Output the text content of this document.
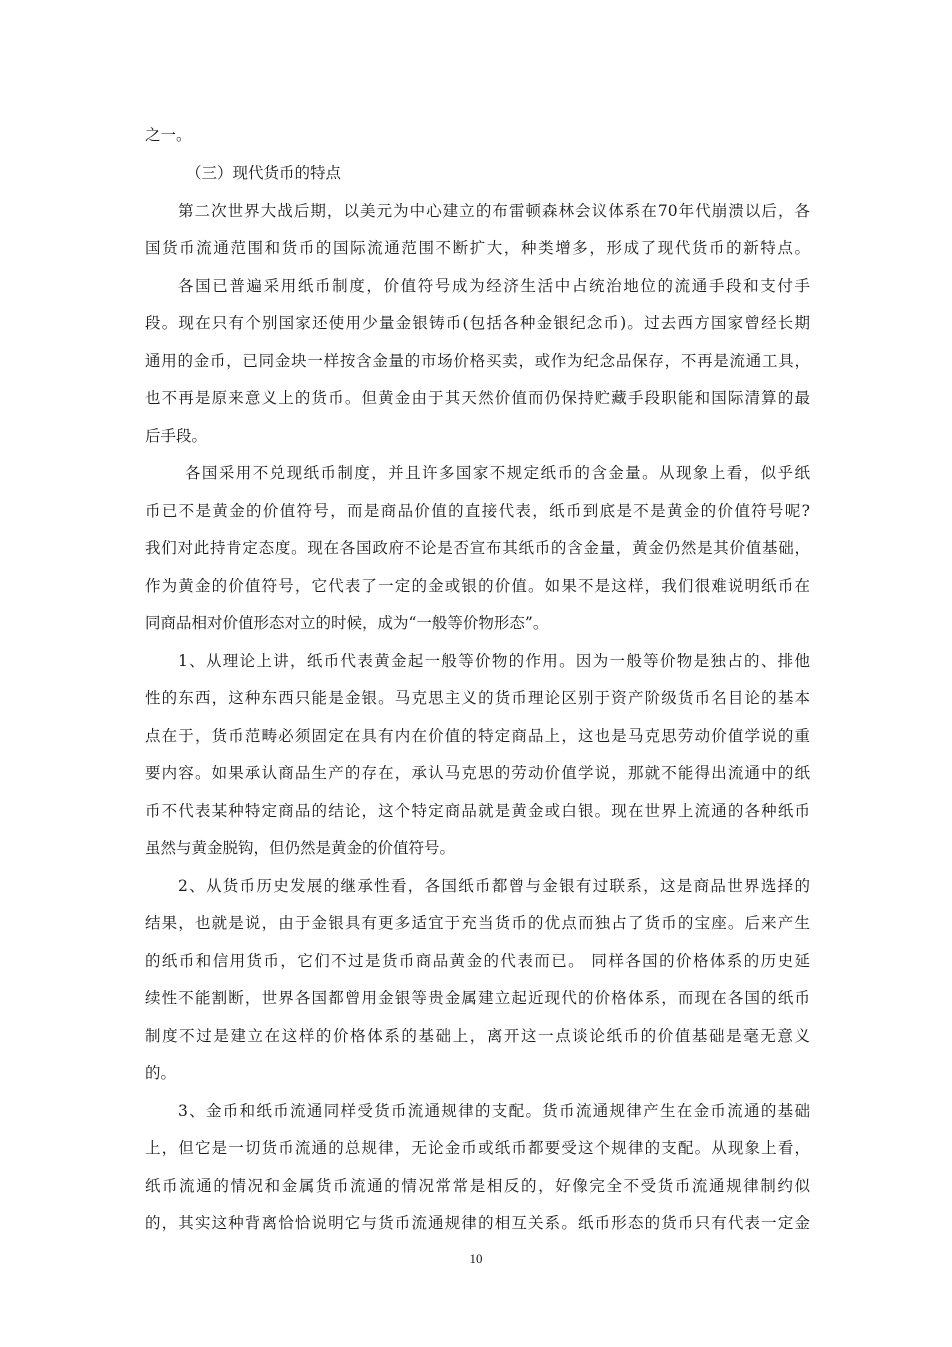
之一。
（三）现代货币的特点
第二次世界大战后期，以美元为中心建立的布雷顿森林会议体系在70年代崩溃以后，各
国货币流通范围和货币的国际流通范围不断扩大，种类增多，形成了现代货币的新特点。
各国已普遍采用纸币制度，价值符号成为经济生活中占统治地位的流通手段和支付手
段。现在只有个别国家还使用少量金银铸币(包括各种金银纪念币)。过去西方国家曾经长期
通用的金币，已同金块一样按含金量的市场价格买卖，或作为纪念品保存，不再是流通工具，
也不再是原来意义上的货币。但黄金由于其天然价值而仍保持贮藏手段职能和国际清算的最
后手段。
各国采用不兑现纸币制度，并且许多国家不规定纸币的含金量。从现象上看，似乎纸
币已不是黄金的价值符号，而是商品价值的直接代表，纸币到底是不是黄金的价值符号呢?
我们对此持肯定态度。现在各国政府不论是否宣布其纸币的含金量，黄金仍然是其价值基础，
作为黄金的价值符号，它代表了一定的金或银的价值。如果不是这样，我们很难说明纸币在
同商品相对价值形态对立的时候，成为“一般等价物形态”。
1、从理论上讲，纸币代表黄金起一般等价物的作用。因为一般等价物是独占的、排他
性的东西，这种东西只能是金银。马克思主义的货币理论区别于资产阶级货币名目论的基本
点在于，货币范畴必须固定在具有内在价值的特定商品上，这也是马克思劳动价值学说的重
要内容。如果承认商品生产的存在，承认马克思的劳动价值学说，那就不能得出流通中的纸
币不代表某种特定商品的结论，这个特定商品就是黄金或白银。现在世界上流通的各种纸币
虽然与黄金脱钩，但仍然是黄金的价值符号。
2、从货币历史发展的继承性看，各国纸币都曾与金银有过联系，这是商品世界选择的
结果，也就是说，由于金银具有更多适宜于充当货币的优点而独占了货币的宝座。后来产生
的纸币和信用货币，它们不过是货币商品黄金的代表而已。 同样各国的价格体系的历史延
续性不能割断，世界各国都曾用金银等贵金属建立起近现代的价格体系，而现在各国的纸币
制度不过是建立在这样的价格体系的基础上，离开这一点谈论纸币的价值基础是毫无意义
的。
3、金币和纸币流通同样受货币流通规律的支配。货币流通规律产生在金币流通的基础
上，但它是一切货币流通的总规律，无论金币或纸币都要受这个规律的支配。从现象上看，
纸币流通的情况和金属货币流通的情况常常是相反的，好像完全不受货币流通规律制约似
的，其实这种背离恰恰说明它与货币流通规律的相互关系。纸币形态的货币只有代表一定金
10
